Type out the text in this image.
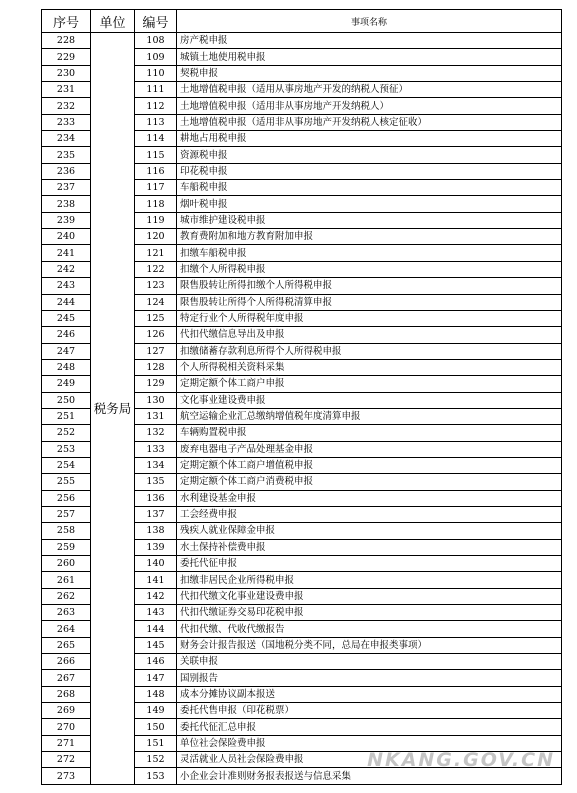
序号	单位	编号	事项名称
228	税务局	108	房产税申报
229		109	城镇土地使用税申报
230		110	契税申报
231		111	土地增值税申报（适用从事房地产开发的纳税人预征）
232		112	土地增值税申报（适用非从事房地产开发纳税人）
233		113	土地增值税申报（适用非从事房地产开发纳税人核定征收）
234		114	耕地占用税申报
235		115	资源税申报
236		116	印花税申报
237		117	车船税申报
238		118	烟叶税申报
239		119	城市维护建设税申报
240		120	教育费附加和地方教育附加申报
241		121	扣缴车船税申报
242		122	扣缴个人所得税申报
243		123	限售股转让所得扣缴个人所得税申报
244		124	限售股转让所得个人所得税清算申报
245		125	特定行业个人所得税年度申报
246		126	代扣代缴信息导出及申报
247		127	扣缴储蓄存款利息所得个人所得税申报
248		128	个人所得税相关资料采集
249		129	定期定额个体工商户申报
250		130	文化事业建设费申报
251		131	航空运输企业汇总缴纳增值税年度清算申报
252		132	车辆购置税申报
253		133	废弃电器电子产品处理基金申报
254		134	定期定额个体工商户增值税申报
255		135	定期定额个体工商户消费税申报
256		136	水利建设基金申报
257		137	工会经费申报
258		138	残疾人就业保障金申报
259		139	水土保持补偿费申报
260		140	委托代征申报
261		141	扣缴非居民企业所得税申报
262		142	代扣代缴文化事业建设费申报
263		143	代扣代缴证券交易印花税申报
264		144	代扣代缴、代收代缴报告
265		145	财务会计报告报送（国地税分类不同，总局在申报类事项）
266		146	关联申报
267		147	国别报告
268		148	成本分摊协议副本报送
269		149	委托代售申报（印花税票）
270		150	委托代征汇总申报
271		151	单位社会保险费申报
272		152	灵活就业人员社会保险费申报
273		153	小企业会计准则财务报表报送与信息采集
NKANG.GOV.CN
